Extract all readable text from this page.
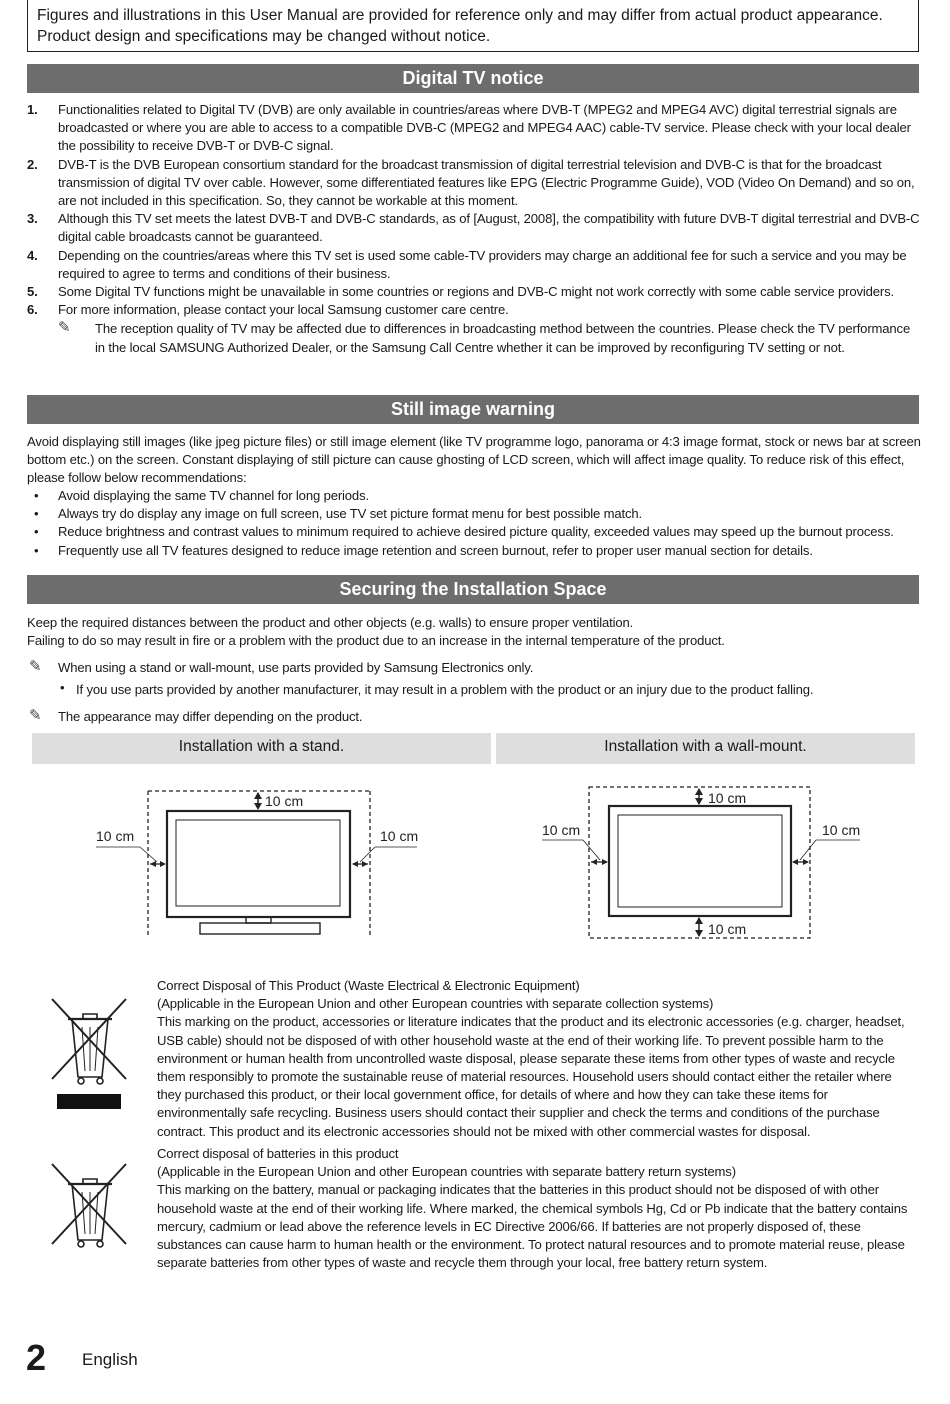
Figures and illustrations in this User Manual are provided for reference only and may differ from actual product appearance. Product design and specifications may be changed without notice.
Digital TV notice
1. Functionalities related to Digital TV (DVB) are only available in countries/areas where DVB-T (MPEG2 and MPEG4 AVC) digital terrestrial signals are broadcasted or where you are able to access to a compatible DVB-C (MPEG2 and MPEG4 AAC) cable-TV service. Please check with your local dealer the possibility to receive DVB-T or DVB-C signal.
2. DVB-T is the DVB European consortium standard for the broadcast transmission of digital terrestrial television and DVB-C is that for the broadcast transmission of digital TV over cable. However, some differentiated features like EPG (Electric Programme Guide), VOD (Video On Demand) and so on, are not included in this specification. So, they cannot be workable at this moment.
3. Although this TV set meets the latest DVB-T and DVB-C standards, as of [August, 2008], the compatibility with future DVB-T digital terrestrial and DVB-C digital cable broadcasts cannot be guaranteed.
4. Depending on the countries/areas where this TV set is used some cable-TV providers may charge an additional fee for such a service and you may be required to agree to terms and conditions of their business.
5. Some Digital TV functions might be unavailable in some countries or regions and DVB-C might not work correctly with some cable service providers.
6. For more information, please contact your local Samsung customer care centre.
✎ The reception quality of TV may be affected due to differences in broadcasting method between the countries. Please check the TV performance in the local SAMSUNG Authorized Dealer, or the Samsung Call Centre whether it can be improved by reconfiguring TV setting or not.
Still image warning
Avoid displaying still images (like jpeg picture files) or still image element (like TV programme logo, panorama or 4:3 image format, stock or news bar at screen bottom etc.) on the screen. Constant displaying of still picture can cause ghosting of LCD screen, which will affect image quality. To reduce risk of this effect, please follow below recommendations:
• Avoid displaying the same TV channel for long periods.
• Always try do display any image on full screen, use TV set picture format menu for best possible match.
• Reduce brightness and contrast values to minimum required to achieve desired picture quality, exceeded values may speed up the burnout process.
• Frequently use all TV features designed to reduce image retention and screen burnout, refer to proper user manual section for details.
Securing the Installation Space
Keep the required distances between the product and other objects (e.g. walls) to ensure proper ventilation.
Failing to do so may result in fire or a problem with the product due to an increase in the internal temperature of the product.
✎ When using a stand or wall-mount, use parts provided by Samsung Electronics only.
• If you use parts provided by another manufacturer, it may result in a problem with the product or an injury due to the product falling.
✎ The appearance may differ depending on the product.
Installation with a stand.	Installation with a wall-mount.
10 cm
10 cm	10 cm
10 cm
10 cm	10 cm
10 cm
Correct Disposal of This Product (Waste Electrical & Electronic Equipment)
(Applicable in the European Union and other European countries with separate collection systems)
This marking on the product, accessories or literature indicates that the product and its electronic accessories (e.g. charger, headset, USB cable) should not be disposed of with other household waste at the end of their working life. To prevent possible harm to the environment or human health from uncontrolled waste disposal, please separate these items from other types of waste and recycle them responsibly to promote the sustainable reuse of material resources. Household users should contact either the retailer where they purchased this product, or their local government office, for details of where and how they can take these items for environmentally safe recycling. Business users should contact their supplier and check the terms and conditions of the purchase contract. This product and its electronic accessories should not be mixed with other commercial wastes for disposal.
Correct disposal of batteries in this product
(Applicable in the European Union and other European countries with separate battery return systems)
This marking on the battery, manual or packaging indicates that the batteries in this product should not be disposed of with other household waste at the end of their working life. Where marked, the chemical symbols Hg, Cd or Pb indicate that the battery contains mercury, cadmium or lead above the reference levels in EC Directive 2006/66. If batteries are not properly disposed of, these substances can cause harm to human health or the environment. To protect natural resources and to promote material reuse, please separate batteries from other types of waste and recycle them through your local, free battery return system.
2 English
